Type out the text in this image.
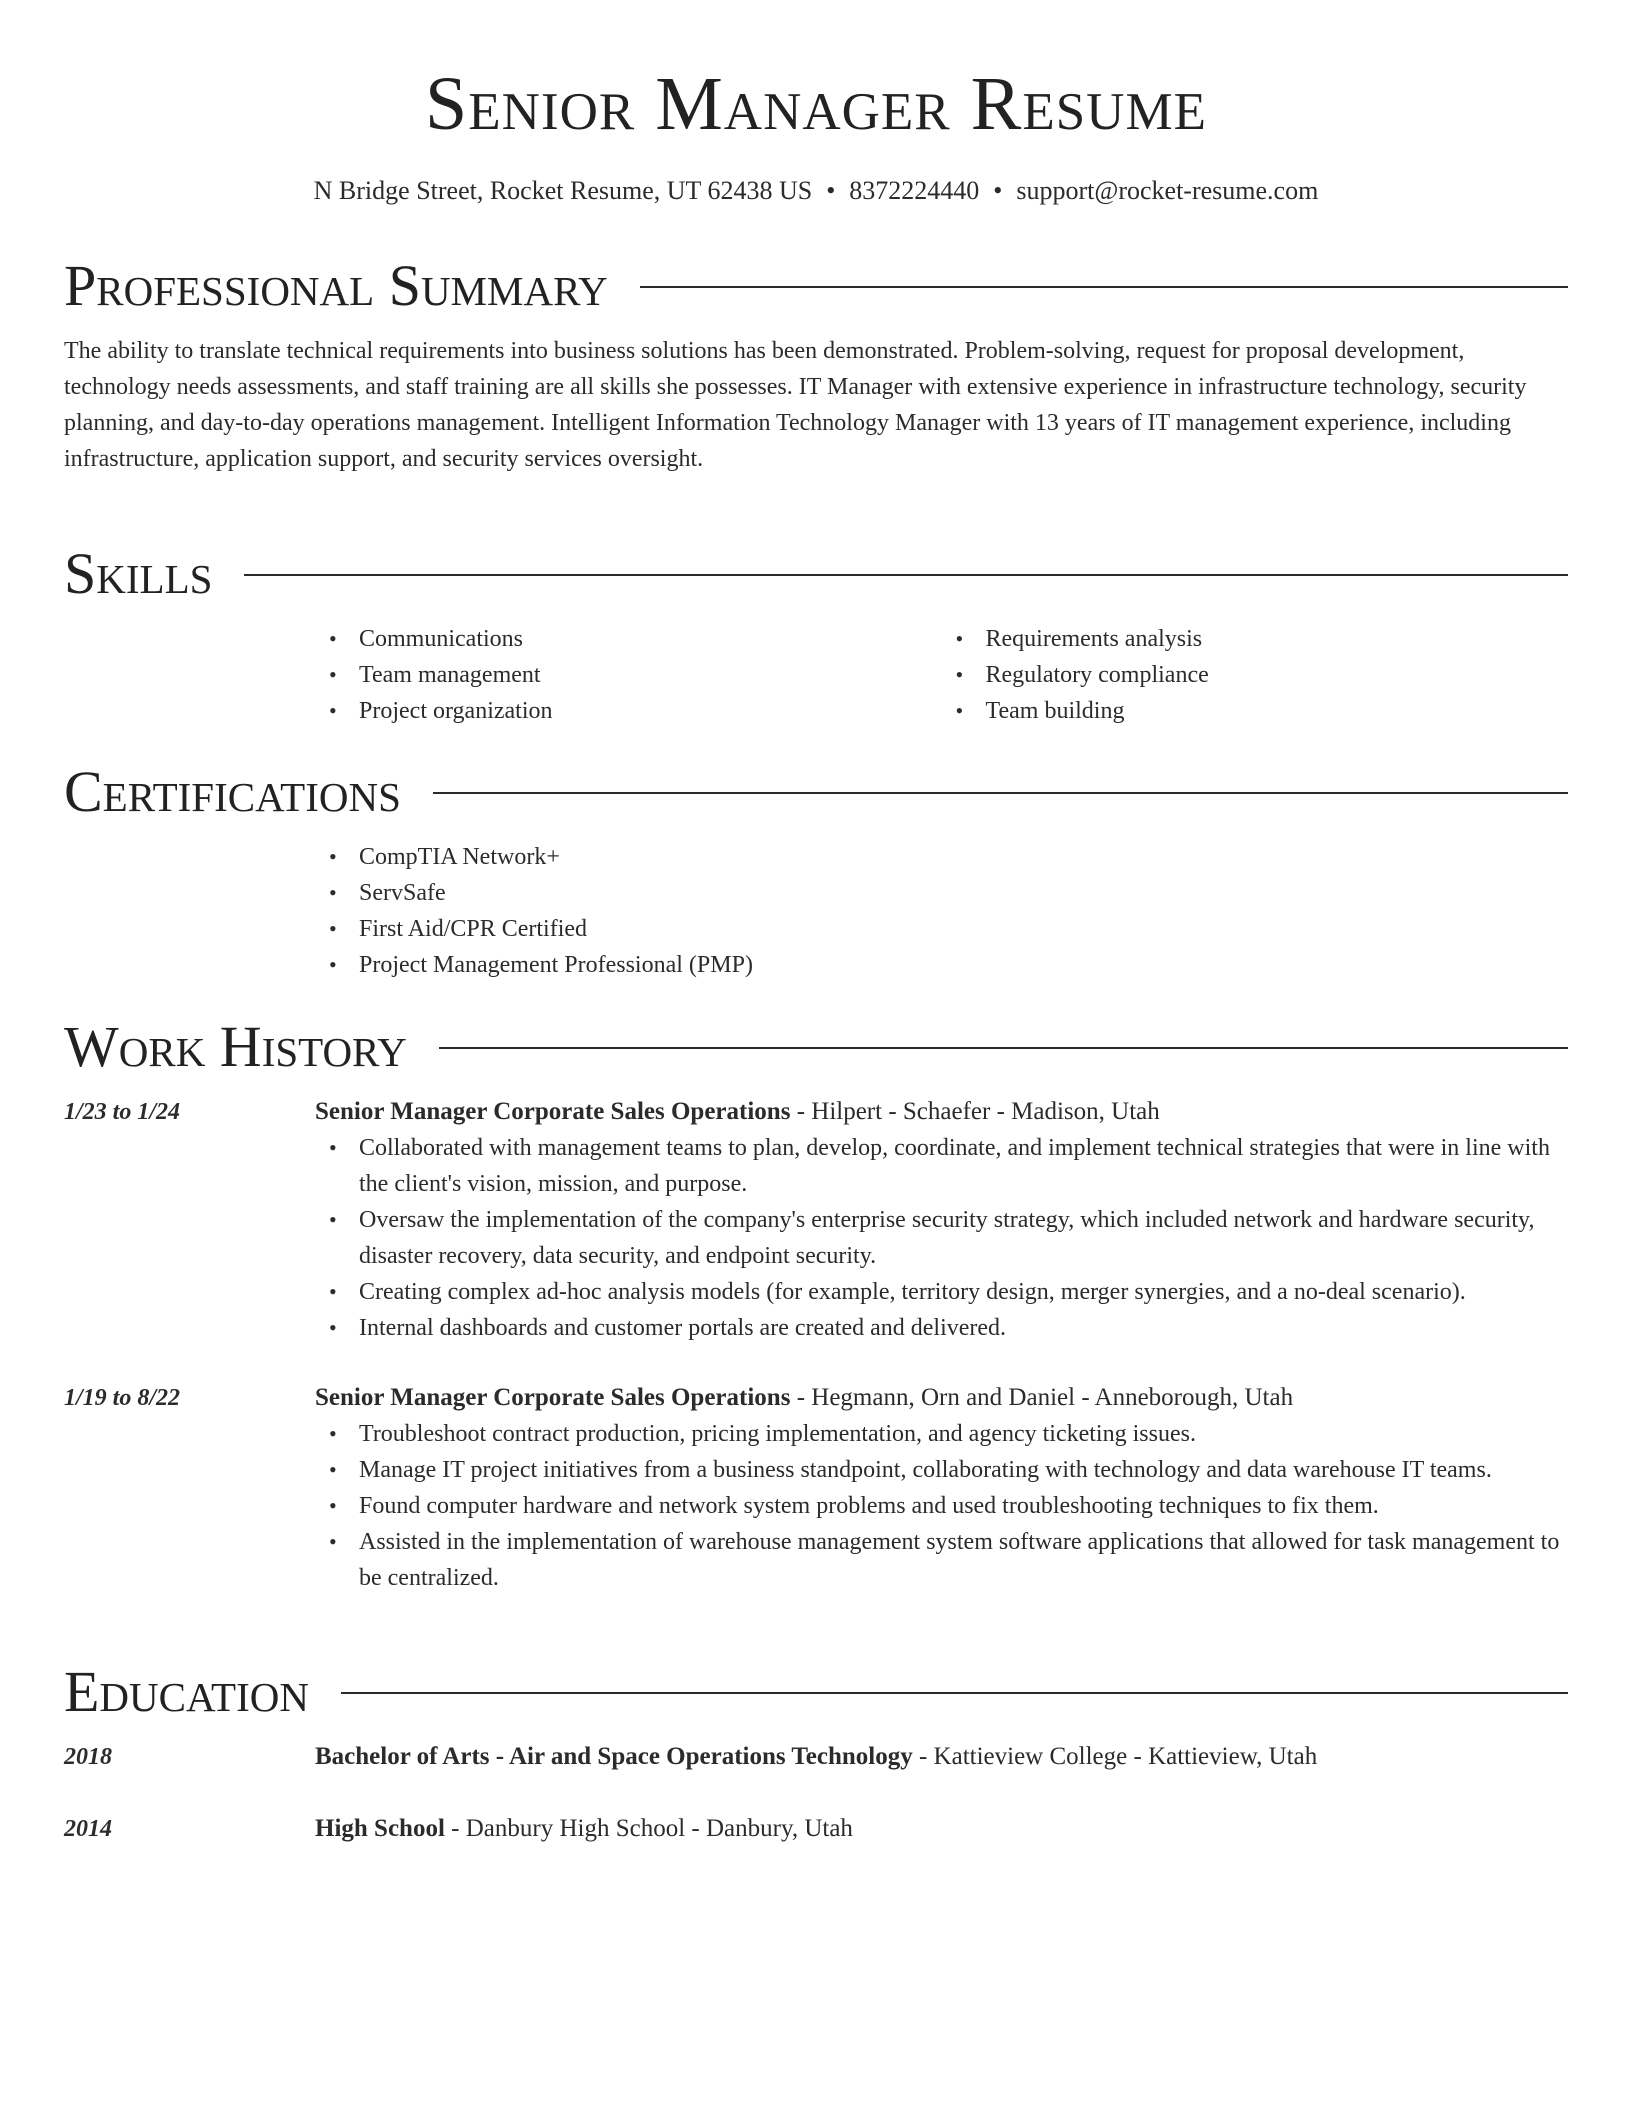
Senior Manager Resume

N Bridge Street, Rocket Resume, UT 62438 US • 8372224440 • support@rocket-resume.com

Professional Summary

The ability to translate technical requirements into business solutions has been demonstrated. Problem-solving, request for proposal development, technology needs assessments, and staff training are all skills she possesses. IT Manager with extensive experience in infrastructure technology, security planning, and day-to-day operations management. Intelligent Information Technology Manager with 13 years of IT management experience, including infrastructure, application support, and security services oversight.

Skills
• Communications
• Team management
• Project organization
• Requirements analysis
• Regulatory compliance
• Team building
Certifications
• CompTIA Network+
• ServSafe
• First Aid/CPR Certified
• Project Management Professional (PMP)
Work History
1/23 to 1/24	Senior Manager Corporate Sales Operations - Hilpert - Schaefer - Madison, Utah
• Collaborated with management teams to plan, develop, coordinate, and implement technical strategies that were in line with the client's vision, mission, and purpose.
• Oversaw the implementation of the company's enterprise security strategy, which included network and hardware security, disaster recovery, data security, and endpoint security.
• Creating complex ad-hoc analysis models (for example, territory design, merger synergies, and a no-deal scenario).
• Internal dashboards and customer portals are created and delivered.
1/19 to 8/22	Senior Manager Corporate Sales Operations - Hegmann, Orn and Daniel - Anneborough, Utah
• Troubleshoot contract production, pricing implementation, and agency ticketing issues.
• Manage IT project initiatives from a business standpoint, collaborating with technology and data warehouse IT teams.
• Found computer hardware and network system problems and used troubleshooting techniques to fix them.
• Assisted in the implementation of warehouse management system software applications that allowed for task management to be centralized.
Education
2018	Bachelor of Arts - Air and Space Operations Technology - Kattieview College - Kattieview, Utah
2014	High School - Danbury High School - Danbury, Utah
